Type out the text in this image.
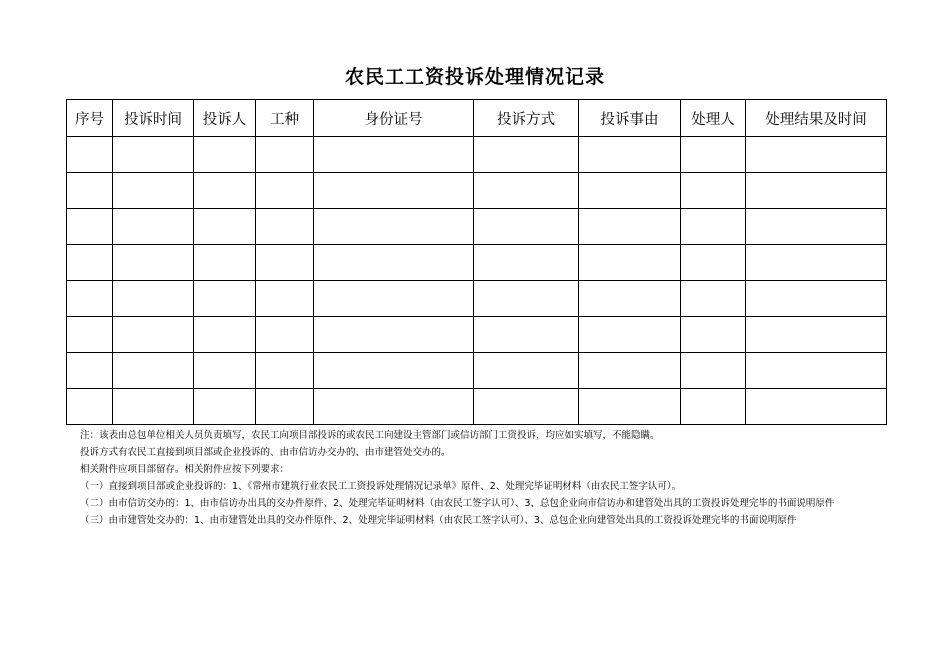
农民工工资投诉处理情况记录
序号	投诉时间	投诉人	工种	身份证号	投诉方式	投诉事由	处理人	处理结果及时间

注：该表由总包单位相关人员负责填写，农民工向项目部投诉的或农民工向建设主管部门或信访部门工资投诉，均应如实填写，不能隐瞒。

投诉方式有农民工直接到项目部或企业投诉的、由市信访办交办的、由市建管处交办的。

相关附件应项目部留存。相关附件应按下列要求：

（一）直接到项目部或企业投诉的：1、《常州市建筑行业农民工工资投诉处理情况记录单》原件、2、处理完毕证明材料（由农民工签字认可）。

（二）由市信访交办的：1、由市信访办出具的交办件原件、2、处理完毕证明材料（由农民工签字认可）、3、总包企业向市信访办和建管处出具的工资投诉处理完毕的书面说明原件

（三）由市建管处交办的：1、由市建管处出具的交办件原件、2、处理完毕证明材料（由农民工签字认可）、3、总包企业向建管处出具的工资投诉处理完毕的书面说明原件
